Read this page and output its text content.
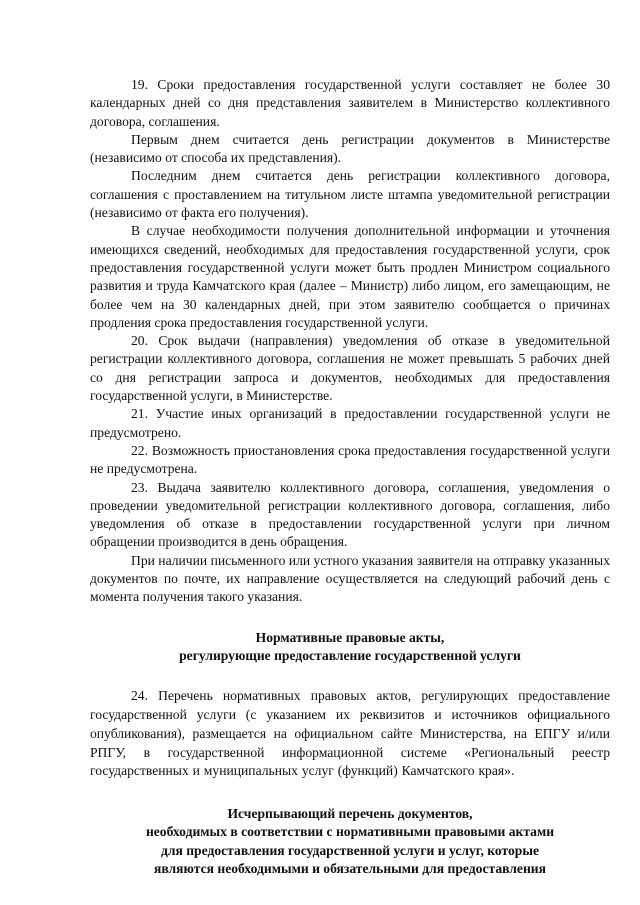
19. Сроки предоставления государственной услуги составляет не более 30 календарных дней со дня представления заявителем в Министерство коллективного договора, соглашения.

Первым днем считается день регистрации документов в Министерстве (независимо от способа их представления).

Последним днем считается день регистрации коллективного договора, соглашения с проставлением на титульном листе штампа уведомительной регистрации (независимо от факта его получения).

В случае необходимости получения дополнительной информации и уточнения имеющихся сведений, необходимых для предоставления государственной услуги, срок предоставления государственной услуги может быть продлен Министром социального развития и труда Камчатского края (далее – Министр) либо лицом, его замещающим, не более чем на 30 календарных дней, при этом заявителю сообщается о причинах продления срока предоставления государственной услуги.

20. Срок выдачи (направления) уведомления об отказе в уведомительной регистрации коллективного договора, соглашения не может превышать 5 рабочих дней со дня регистрации запроса и документов, необходимых для предоставления государственной услуги, в Министерстве.

21. Участие иных организаций в предоставлении государственной услуги не предусмотрено.

22. Возможность приостановления срока предоставления государственной услуги не предусмотрена.

23. Выдача заявителю коллективного договора, соглашения, уведомления о проведении уведомительной регистрации коллективного договора, соглашения, либо уведомления об отказе в предоставлении государственной услуги при личном обращении производится в день обращения.

При наличии письменного или устного указания заявителя на отправку указанных документов по почте, их направление осуществляется на следующий рабочий день с момента получения такого указания.

Нормативные правовые акты,

регулирующие предоставление государственной услуги

24. Перечень нормативных правовых актов, регулирующих предоставление государственной услуги (с указанием их реквизитов и источников официального опубликования), размещается на официальном сайте Министерства, на ЕПГУ и/или РПГУ, в государственной информационной системе «Региональный реестр государственных и муниципальных услуг (функций) Камчатского края».

Исчерпывающий перечень документов,

необходимых в соответствии с нормативными правовыми актами

для предоставления государственной услуги и услуг, которые

являются необходимыми и обязательными для предоставления
